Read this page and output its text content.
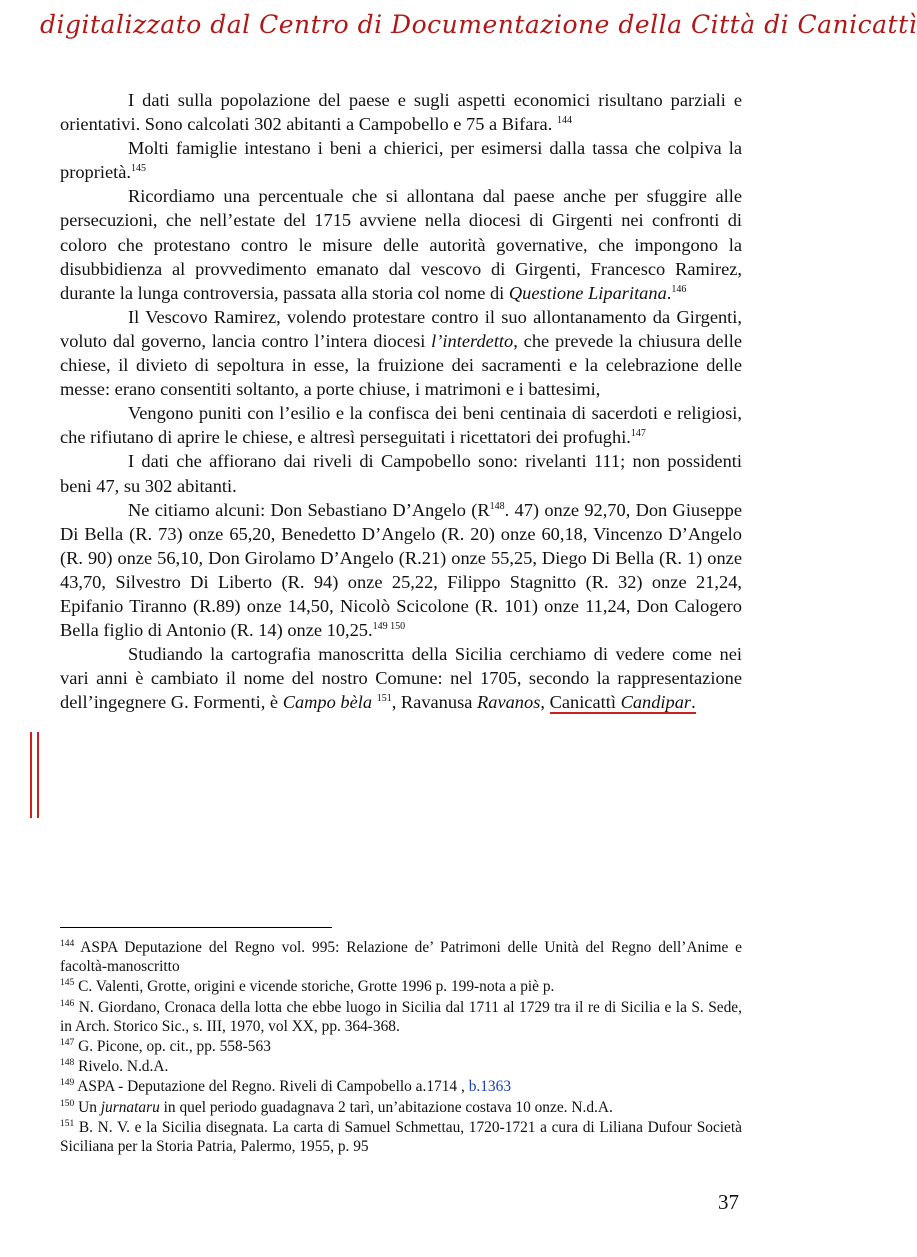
digitalizzato dal Centro di Documentazione della Città di Canicattì

I dati sulla popolazione del paese e sugli aspetti economici risultano parziali e orientativi. Sono calcolati 302 abitanti a Campobello e 75 a Bifara. $^{144}$

Molti famiglie intestano i beni a chierici, per esimersi dalla tassa che colpiva la proprietà.$^{145}$

Ricordiamo una percentuale che si allontana dal paese anche per sfuggire alle persecuzioni, che nell’estate del 1715 avviene nella diocesi di Girgenti nei confronti di coloro che protestano contro le misure delle autorità governative, che impongono la disubbidienza al provvedimento emanato dal vescovo di Girgenti, Francesco Ramirez, durante la lunga controversia, passata alla storia col nome di Questione Liparitana.$^{146}$

Il Vescovo Ramirez, volendo protestare contro il suo allontanamento da Girgenti, voluto dal governo, lancia contro l’intera diocesi l’interdetto, che prevede la chiusura delle chiese, il divieto di sepoltura in esse, la fruizione dei sacramenti e la celebrazione delle messe: erano consentiti soltanto, a porte chiuse, i matrimoni e i battesimi,

Vengono puniti con l’esilio e la confisca dei beni centinaia di sacerdoti e religiosi, che rifiutano di aprire le chiese, e altresì perseguitati i ricettatori dei profughi.$^{147}$

I dati che affiorano dai riveli di Campobello sono: rivelanti 111; non possidenti beni 47, su 302 abitanti.

Ne citiamo alcuni: Don Sebastiano D’Angelo ($R^{148}$. 47) onze 92,70, Don Giuseppe Di Bella (R. 73) onze 65,20, Benedetto D’Angelo (R. 20) onze 60,18, Vincenzo D’Angelo (R. 90) onze 56,10, Don Girolamo D’Angelo (R.21) onze 55,25, Diego Di Bella (R. 1) onze 43,70, Silvestro Di Liberto (R. 94) onze 25,22, Filippo Stagnitto (R. 32) onze 21,24, Epifanio Tiranno (R.89) onze 14,50, Nicolò Scicolone (R. 101) onze 11,24, Don Calogero Bella figlio di Antonio (R. 14) onze 10,25.$^{149 150}$

Studiando la cartografia manoscritta della Sicilia cerchiamo di vedere come nei vari anni è cambiato il nome del nostro Comune: nel 1705, secondo la rappresentazione dell’ingegnere G. Formenti, è Campo bèla $^{151}$, Ravanusa Ravanos, Canicattì Candipar.

$^{144}$ ASPA Deputazione del Regno vol. 995: Relazione de’ Patrimoni delle Unità del Regno dell’Anime e facoltà-manoscritto

$^{145}$ C. Valenti, Grotte, origini e vicende storiche, Grotte 1996 p. 199-nota a piè p.

$^{146}$ N. Giordano, Cronaca della lotta che ebbe luogo in Sicilia dal 1711 al 1729 tra il re di Sicilia e la S. Sede, in Arch. Storico Sic., s. III, 1970, vol XX, pp. 364-368.

$^{147}$ G. Picone, op. cit., pp. 558-563

$^{148}$ Rivelo. N.d.A.

$^{149}$ ASPA - Deputazione del Regno. Riveli di Campobello a.1714 , b.1363

$^{150}$ Un jurnataru in quel periodo guadagnava 2 tarì, un’abitazione costava 10 onze. N.d.A.

$^{151}$ B. N. V. e la Sicilia disegnata. La carta di Samuel Schmettau, 1720-1721 a cura di Liliana Dufour Società Siciliana per la Storia Patria, Palermo, 1955, p. 95

37
